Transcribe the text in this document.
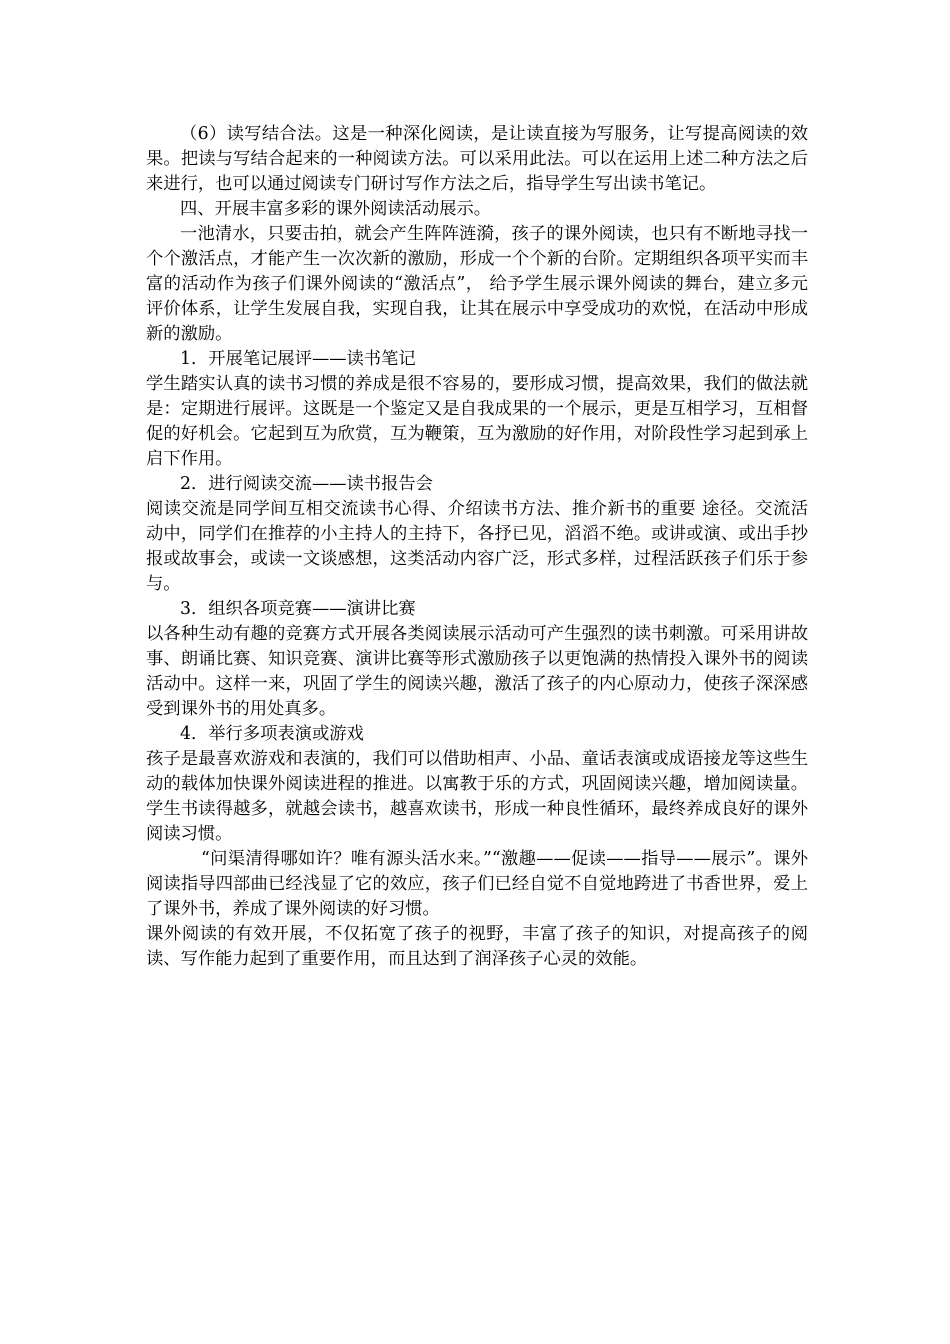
（6）读写结合法。这是一种深化阅读，是让读直接为写服务，让写提高阅读的效果。把读与写结合起来的一种阅读方法。可以采用此法。可以在运用上述二种方法之后来进行，也可以通过阅读专门研讨写作方法之后，指导学生写出读书笔记。

四、开展丰富多彩的课外阅读活动展示。

一池清水，只要击拍，就会产生阵阵涟漪，孩子的课外阅读，也只有不断地寻找一个个激活点，才能产生一次次新的激励，形成一个个新的台阶。定期组织各项平实而丰富的活动作为孩子们课外阅读的“激活点”， 给予学生展示课外阅读的舞台，建立多元评价体系，让学生发展自我，实现自我，让其在展示中享受成功的欢悦，在活动中形成新的激励。

1．开展笔记展评——读书笔记

学生踏实认真的读书习惯的养成是很不容易的，要形成习惯，提高效果，我们的做法就是：定期进行展评。这既是一个鉴定又是自我成果的一个展示，更是互相学习，互相督促的好机会。它起到互为欣赏，互为鞭策，互为激励的好作用，对阶段性学习起到承上启下作用。

2．进行阅读交流——读书报告会

阅读交流是同学间互相交流读书心得、介绍读书方法、推介新书的重要 途径。交流活动中，同学们在推荐的小主持人的主持下，各抒已见，滔滔不绝。或讲或演、或出手抄报或故事会，或读一文谈感想，这类活动内容广泛，形式多样，过程活跃孩子们乐于参与。

3．组织各项竞赛——演讲比赛

以各种生动有趣的竞赛方式开展各类阅读展示活动可产生强烈的读书刺激。可采用讲故事、朗诵比赛、知识竞赛、演讲比赛等形式激励孩子以更饱满的热情投入课外书的阅读活动中。这样一来，巩固了学生的阅读兴趣，激活了孩子的内心原动力，使孩子深深感受到课外书的用处真多。

4．举行多项表演或游戏

孩子是最喜欢游戏和表演的，我们可以借助相声、小品、童话表演或成语接龙等这些生动的载体加快课外阅读进程的推进。以寓教于乐的方式，巩固阅读兴趣，增加阅读量。学生书读得越多，就越会读书，越喜欢读书，形成一种良性循环，最终养成良好的课外阅读习惯。

“问渠清得哪如许？唯有源头活水来。”“激趣——促读——指导——展示”。课外阅读指导四部曲已经浅显了它的效应，孩子们已经自觉不自觉地跨进了书香世界，爱上了课外书，养成了课外阅读的好习惯。

课外阅读的有效开展，不仅拓宽了孩子的视野，丰富了孩子的知识，对提高孩子的阅读、写作能力起到了重要作用，而且达到了润泽孩子心灵的效能。
